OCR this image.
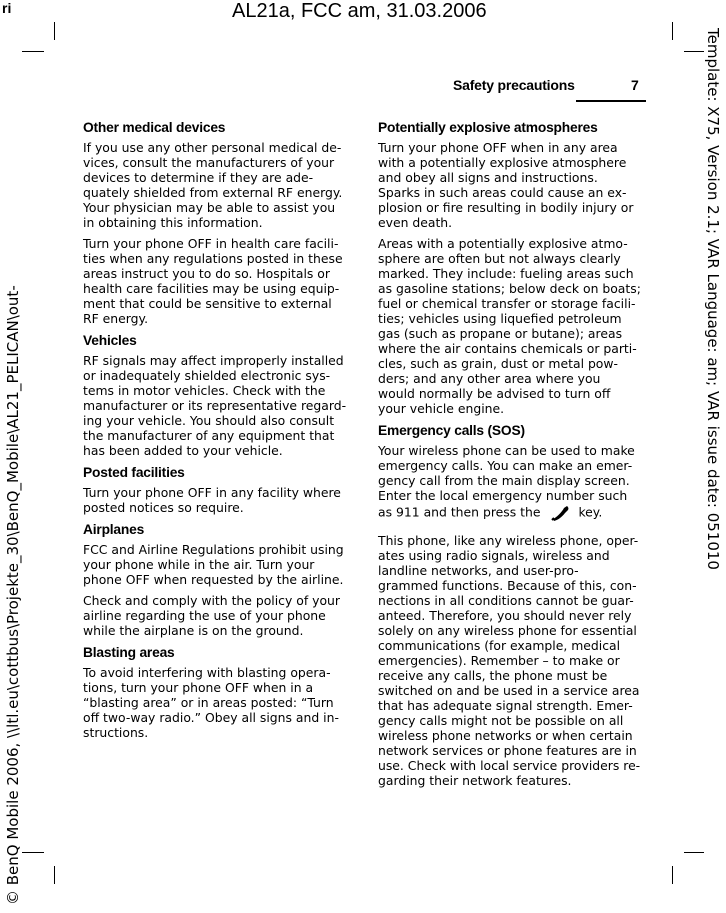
ri	AL21a, FCC am, 31.03.2006
Template: X75, Version 2.1; VAR Language: am; VAR issue date: 051010
© BenQ Mobile 2006, \\ltl.eu\cottbus\Projekte_30\BenQ_Mobile\AL21_PELICAN\out-
Safety precautions	7
Other medical devices

If you use any other personal medical de-
vices, consult the manufacturers of your
devices to determine if they are ade-
quately shielded from external RF energy.
Your physician may be able to assist you
in obtaining this information.

Turn your phone OFF in health care facili-
ties when any regulations posted in these
areas instruct you to do so. Hospitals or
health care facilities may be using equip-
ment that could be sensitive to external
RF energy.

Vehicles

RF signals may affect improperly installed
or inadequately shielded electronic sys-
tems in motor vehicles. Check with the
manufacturer or its representative regard-
ing your vehicle. You should also consult
the manufacturer of any equipment that
has been added to your vehicle.

Posted facilities

Turn your phone OFF in any facility where
posted notices so require.

Airplanes

FCC and Airline Regulations prohibit using
your phone while in the air. Turn your
phone OFF when requested by the airline.

Check and comply with the policy of your
airline regarding the use of your phone
while the airplane is on the ground.

Blasting areas

To avoid interfering with blasting opera-
tions, turn your phone OFF when in a
“blasting area” or in areas posted: “Turn
off two-way radio.” Obey all signs and in-
structions.

Potentially explosive atmospheres

Turn your phone OFF when in any area
with a potentially explosive atmosphere
and obey all signs and instructions.
Sparks in such areas could cause an ex-
plosion or fire resulting in bodily injury or
even death.

Areas with a potentially explosive atmo-
sphere are often but not always clearly
marked. They include: fueling areas such
as gasoline stations; below deck on boats;
fuel or chemical transfer or storage facili-
ties; vehicles using liquefied petroleum
gas (such as propane or butane); areas
where the air contains chemicals or parti-
cles, such as grain, dust or metal pow-
ders; and any other area where you
would normally be advised to turn off
your vehicle engine.

Emergency calls (SOS)

Your wireless phone can be used to make
emergency calls. You can make an emer-
gency call from the main display screen.
Enter the local emergency number such
as 911 and then press the	key.

This phone, like any wireless phone, oper-
ates using radio signals, wireless and
landline networks, and user-pro-
grammed functions. Because of this, con-
nections in all conditions cannot be guar-
anteed. Therefore, you should never rely
solely on any wireless phone for essential
communications (for example, medical
emergencies). Remember – to make or
receive any calls, the phone must be
switched on and be used in a service area
that has adequate signal strength. Emer-
gency calls might not be possible on all
wireless phone networks or when certain
network services or phone features are in
use. Check with local service providers re-
garding their network features.
